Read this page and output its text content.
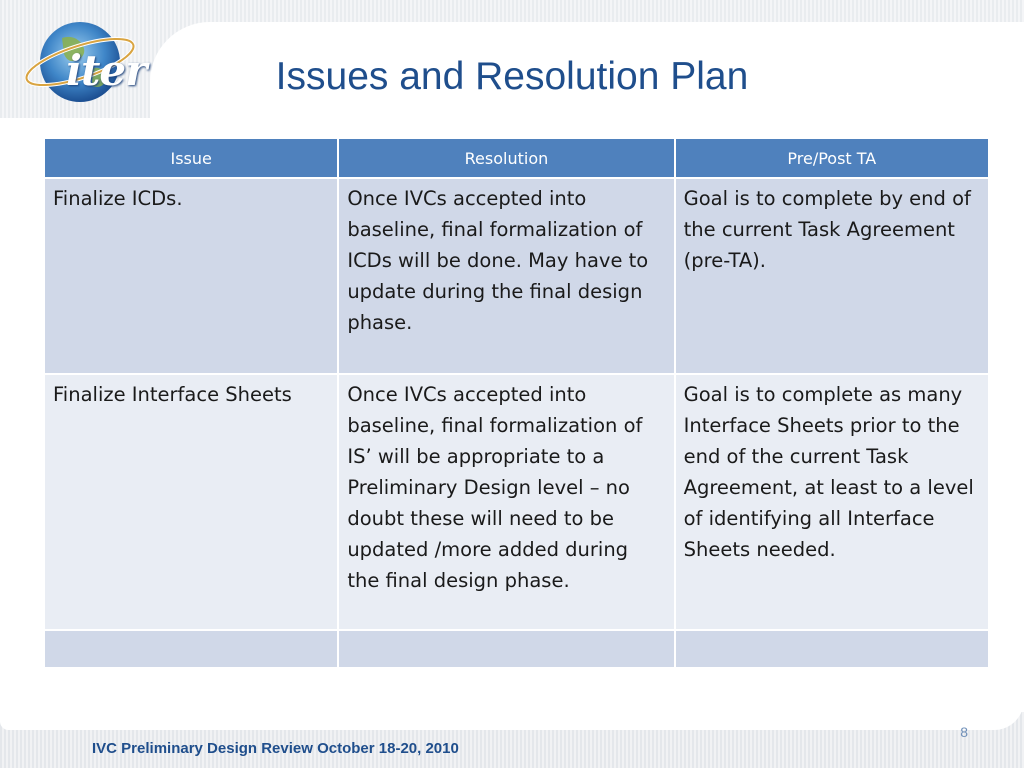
iter	Issues and Resolution Plan
Issue	Resolution	Pre/Post TA
Finalize ICDs.	Once IVCs accepted into baseline, final formalization of ICDs will be done. May have to update during the final design phase.	Goal is to complete by end of the current Task Agreement (pre-TA).
Finalize Interface Sheets	Once IVCs accepted into baseline, final formalization of IS’ will be appropriate to a Preliminary Design level – no doubt these will need to be updated /more added during the final design phase.	Goal is to complete as many Interface Sheets prior to the end of the current Task Agreement, at least to a level of identifying all Interface Sheets needed.

8
IVC Preliminary Design Review October 18-20, 2010
